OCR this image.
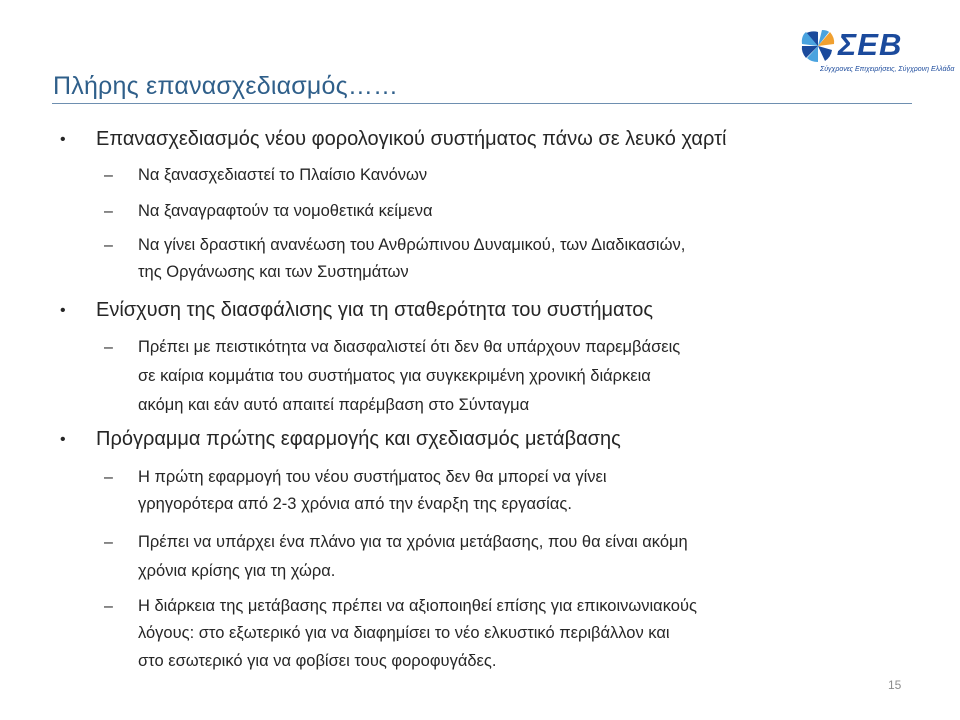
Πλήρης επανασχεδιασμός……
ΣΕΒ
Σύγχρονες Επιχειρήσεις, Σύγχρονη Ελλάδα
• Επανασχεδιασμός νέου φορολογικού συστήματος πάνω σε λευκό χαρτί
– Να ξανασχεδιαστεί το Πλαίσιο Κανόνων
– Να ξαναγραφτούν τα νομοθετικά κείμενα
– Να γίνει δραστική ανανέωση του Ανθρώπινου Δυναμικού, των Διαδικασιών,
της Οργάνωσης και των Συστημάτων
• Ενίσχυση της διασφάλισης για τη σταθερότητα του συστήματος
– Πρέπει με πειστικότητα να διασφαλιστεί ότι δεν θα υπάρχουν παρεμβάσεις
σε καίρια κομμάτια του συστήματος για συγκεκριμένη χρονική διάρκεια
ακόμη και εάν αυτό απαιτεί παρέμβαση στο Σύνταγμα
• Πρόγραμμα πρώτης εφαρμογής και σχεδιασμός μετάβασης
– Η πρώτη εφαρμογή του νέου συστήματος δεν θα μπορεί να γίνει
γρηγορότερα από 2-3 χρόνια από την έναρξη της εργασίας.
– Πρέπει να υπάρχει ένα πλάνο για τα χρόνια μετάβασης, που θα είναι ακόμη
χρόνια κρίσης για τη χώρα.
– Η διάρκεια της μετάβασης πρέπει να αξιοποιηθεί επίσης για επικοινωνιακούς
λόγους: στο εξωτερικό για να διαφημίσει το νέο ελκυστικό περιβάλλον και
στο εσωτερικό για να φοβίσει τους φοροφυγάδες.
15
